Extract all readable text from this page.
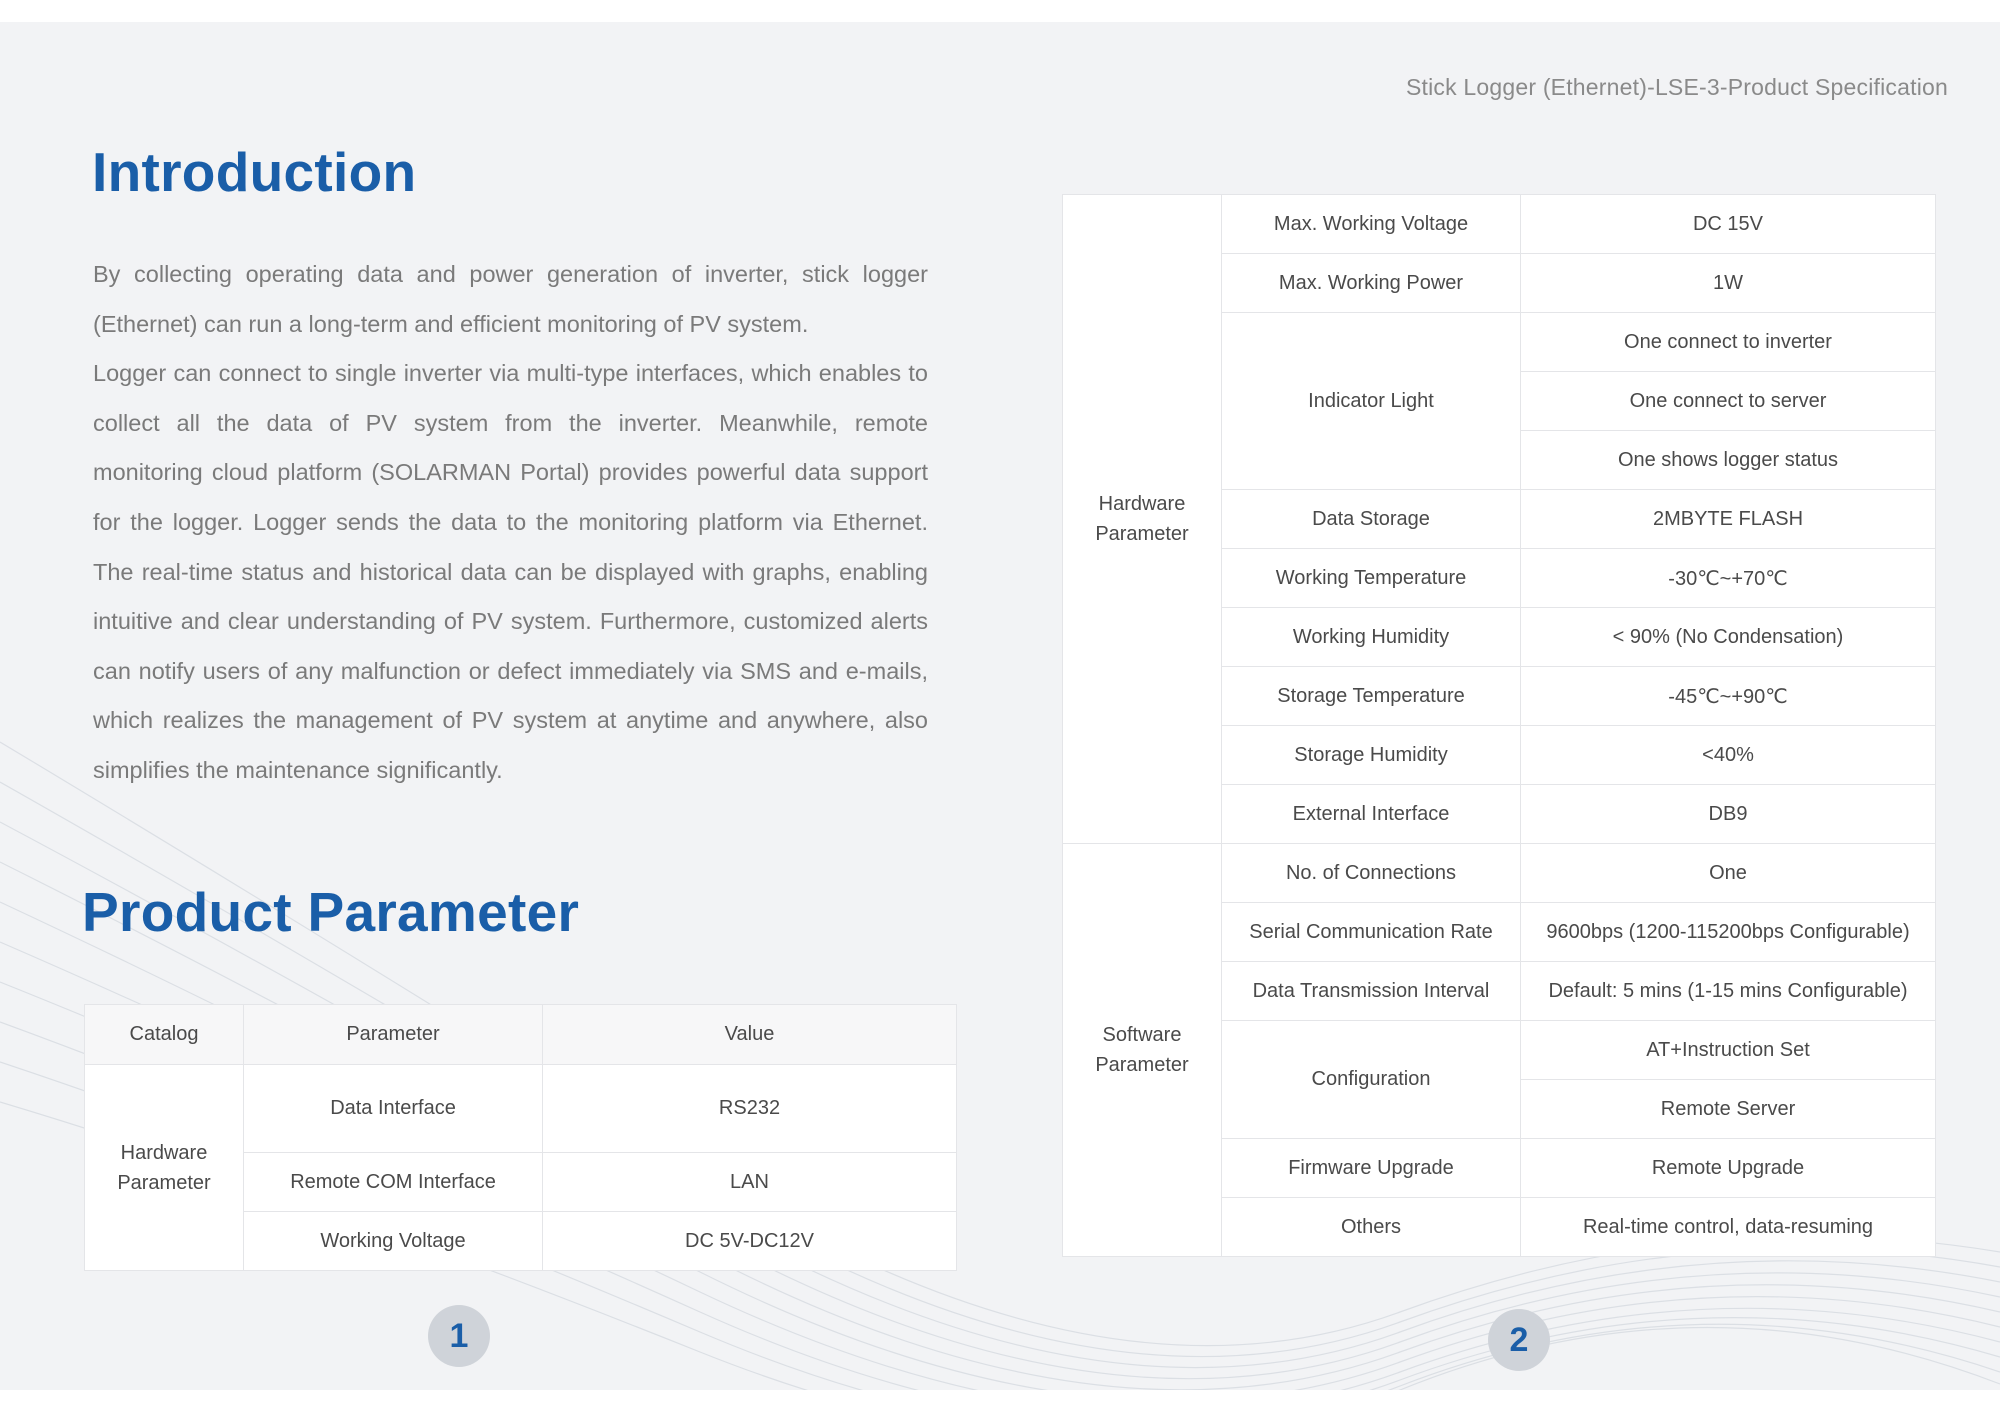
Stick Logger (Ethernet)-LSE-3-Product Specification
Introduction

By collecting operating data and power generation of inverter, stick logger (Ethernet) can run a long-term and efficient monitoring of PV system.

Logger can connect to single inverter via multi-type interfaces, which enables to collect all the data of PV system from the inverter. Meanwhile, remote monitoring cloud platform (SOLARMAN Portal) provides powerful data support for the logger. Logger sends the data to the monitoring platform via Ethernet. The real-time status and historical data can be displayed with graphs, enabling intuitive and clear understanding of PV system. Furthermore, customized alerts can notify users of any malfunction or defect immediately via SMS and e-mails, which realizes the management of PV system at anytime and anywhere, also simplifies the maintenance significantly.

Product Parameter
Catalog	Parameter	Value
Hardware Parameter	Data Interface	RS232
	Remote COM Interface	LAN
	Working Voltage	DC 5V-DC12V
Hardware Parameter	Max. Working Voltage	DC 15V
	Max. Working Power	1W
	Indicator Light	One connect to inverter
		One connect to server
		One shows logger status
	Data Storage	2MBYTE FLASH
	Working Temperature	-30℃~+70℃
	Working Humidity	< 90% (No Condensation)
	Storage Temperature	-45℃~+90℃
	Storage Humidity	<40%
	External Interface	DB9
Software Parameter	No. of Connections	One
	Serial Communication Rate	9600bps (1200-115200bps Configurable)
	Data Transmission Interval	Default: 5 mins (1-15 mins Configurable)
	Configuration	AT+Instruction Set
		Remote Server
	Firmware Upgrade	Remote Upgrade
	Others	Real-time control, data-resuming
1	2
